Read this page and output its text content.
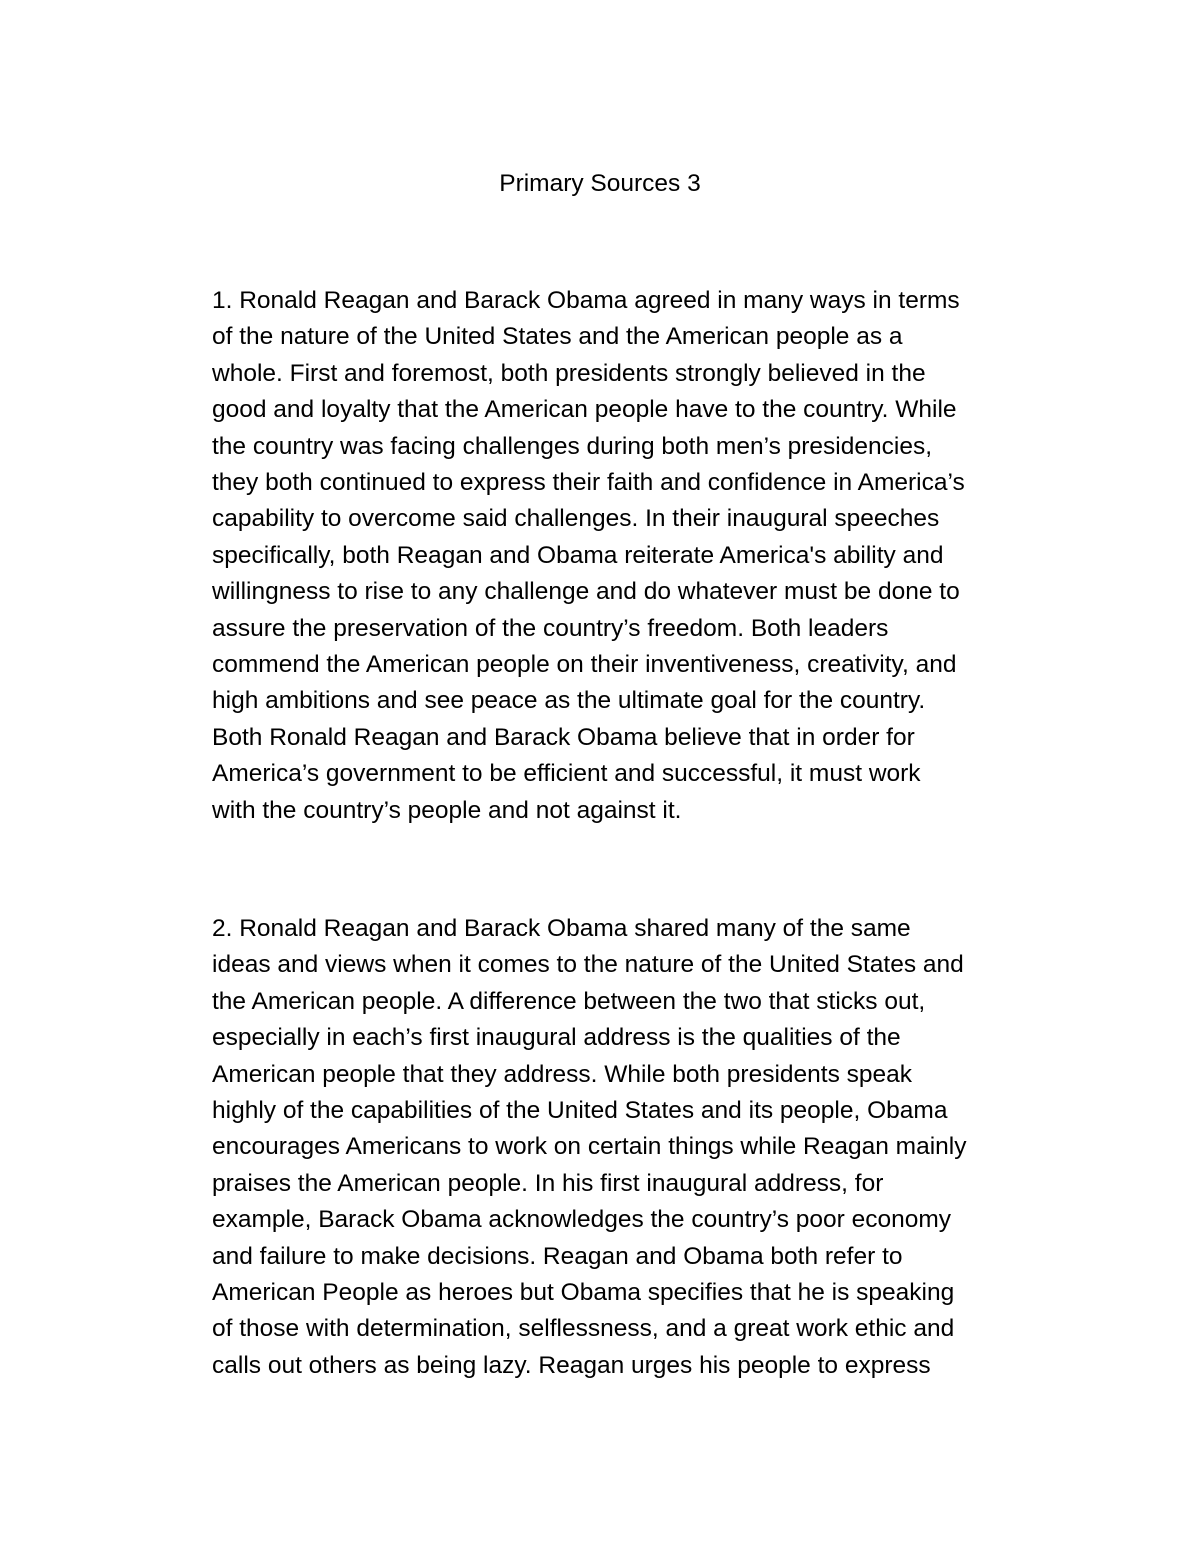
Primary Sources 3

1. Ronald Reagan and Barack Obama agreed in many ways in terms
of the nature of the United States and the American people as a
whole. First and foremost, both presidents strongly believed in the
good and loyalty that the American people have to the country. While
the country was facing challenges during both men’s presidencies,
they both continued to express their faith and confidence in America’s
capability to overcome said challenges. In their inaugural speeches
specifically, both Reagan and Obama reiterate America's ability and
willingness to rise to any challenge and do whatever must be done to
assure the preservation of the country’s freedom. Both leaders
commend the American people on their inventiveness, creativity, and
high ambitions and see peace as the ultimate goal for the country.
Both Ronald Reagan and Barack Obama believe that in order for
America’s government to be efficient and successful, it must work
with the country’s people and not against it.

2. Ronald Reagan and Barack Obama shared many of the same
ideas and views when it comes to the nature of the United States and
the American people. A difference between the two that sticks out,
especially in each’s first inaugural address is the qualities of the
American people that they address. While both presidents speak
highly of the capabilities of the United States and its people, Obama
encourages Americans to work on certain things while Reagan mainly
praises the American people. In his first inaugural address, for
example, Barack Obama acknowledges the country’s poor economy
and failure to make decisions. Reagan and Obama both refer to
American People as heroes but Obama specifies that he is speaking
of those with determination, selflessness, and a great work ethic and
calls out others as being lazy. Reagan urges his people to express
